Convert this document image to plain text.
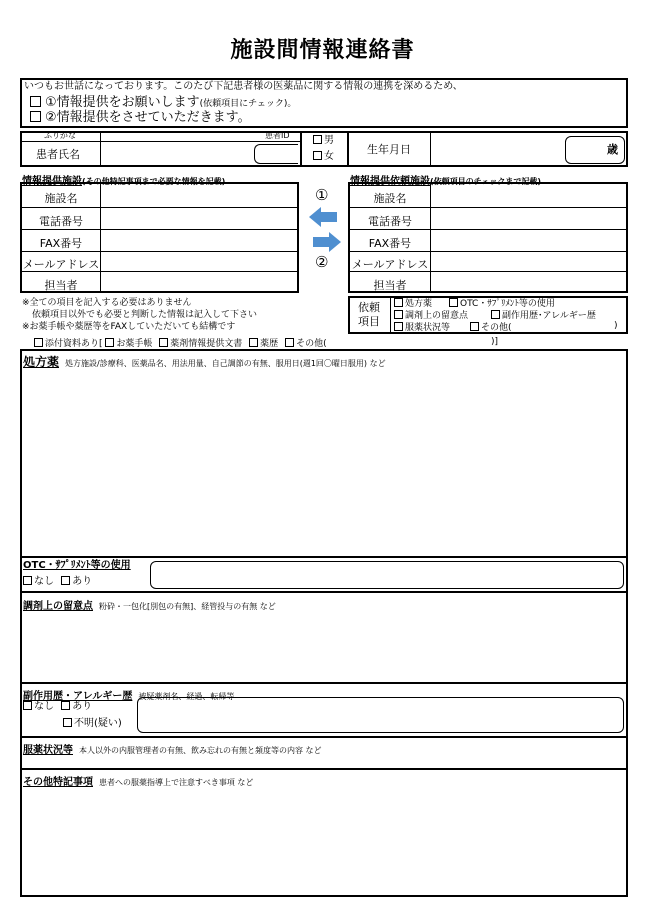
施設間情報連絡書
いつもお世話になっております。このたび下記患者様の医薬品に関する情報の連携を深めるため、
①情報提供をお願いします(依頼項目にチェック)。
②情報提供をさせていただきます。
ふりがな	患者ID
患者氏名
男
女
生年月日	歳
情報提供施設(その他特記事項まで必要な情報を記載)	情報提供依頼施設(依頼項目のチェックまで記載)
施設名
電話番号
FAX番号
メールアドレス
担当者
①
②
施設名
電話番号
FAX番号
メールアドレス
担当者
※全ての項目を記入する必要はありません
依頼項目以外でも必要と判断した情報は記入して下さい
※お薬手帳や薬歴等をFAXしていただいても結構です
依頼
項目
処方薬	OTC・ｻﾌﾟﾘﾒﾝﾄ等の使用
調剤上の留意点	副作用歴･アレルギー歴
服薬状況等	その他(	)
添付資料あり[ お薬手帳 薬剤情報提供文書 薬歴 その他(	)]
処方薬 処方施設/診療科、医薬品名、用法用量、自己調節の有無、服用日(週1回〇曜日服用) など
OTC・ｻﾌﾟﾘﾒﾝﾄ等の使用
なし あり
調剤上の留意点 粉砕・一包化[別包の有無]、経管投与の有無 など
副作用歴・アレルギー歴 被疑薬剤名、経過、転帰等
なし あり
不明(疑い)
服薬状況等 本人以外の内服管理者の有無、飲み忘れの有無と頻度等の内容 など
その他特記事項 患者への服薬指導上で注意すべき事項 など
